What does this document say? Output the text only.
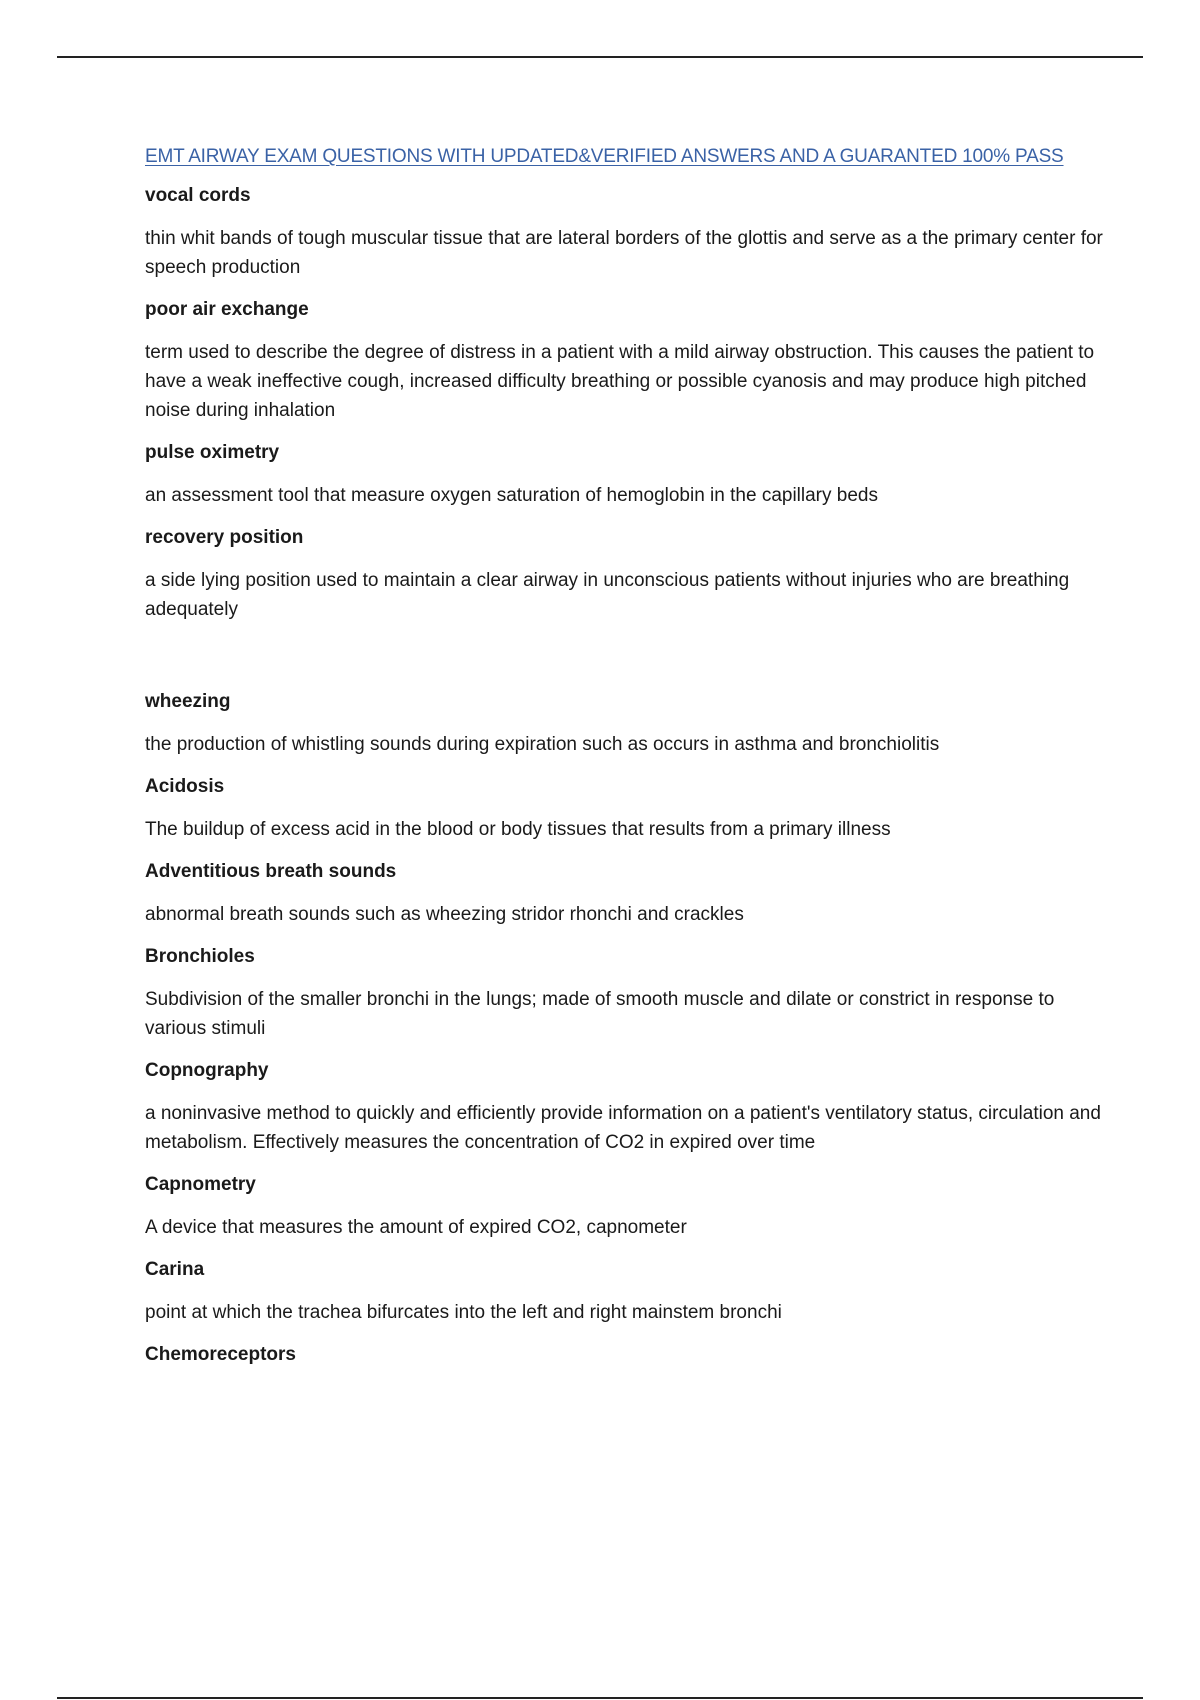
EMT AIRWAY EXAM QUESTIONS WITH UPDATED&VERIFIED ANSWERS AND A GUARANTED 100% PASS
vocal cords
thin whit bands of tough muscular tissue that are lateral borders of the glottis and serve as a the primary center for speech production
poor air exchange
term used to describe the degree of distress in a patient with a mild airway obstruction. This causes the patient to have a weak ineffective cough, increased difficulty breathing or possible cyanosis and may produce high pitched noise during inhalation
pulse oximetry
an assessment tool that measure oxygen saturation of hemoglobin in the capillary beds
recovery position
a side lying position used to maintain a clear airway in unconscious patients without injuries who are breathing adequately
wheezing
the production of whistling sounds during expiration such as occurs in asthma and bronchiolitis
Acidosis
The buildup of excess acid in the blood or body tissues that results from a primary illness
Adventitious breath sounds
abnormal breath sounds such as wheezing stridor rhonchi and crackles
Bronchioles
Subdivision of the smaller bronchi in the lungs; made of smooth muscle and dilate or constrict in response to various stimuli
Copnography
a noninvasive method to quickly and efficiently provide information on a patient's ventilatory status, circulation and metabolism. Effectively measures the concentration of CO2 in expired over time
Capnometry
A device that measures the amount of expired CO2, capnometer
Carina
point at which the trachea bifurcates into the left and right mainstem bronchi
Chemoreceptors
